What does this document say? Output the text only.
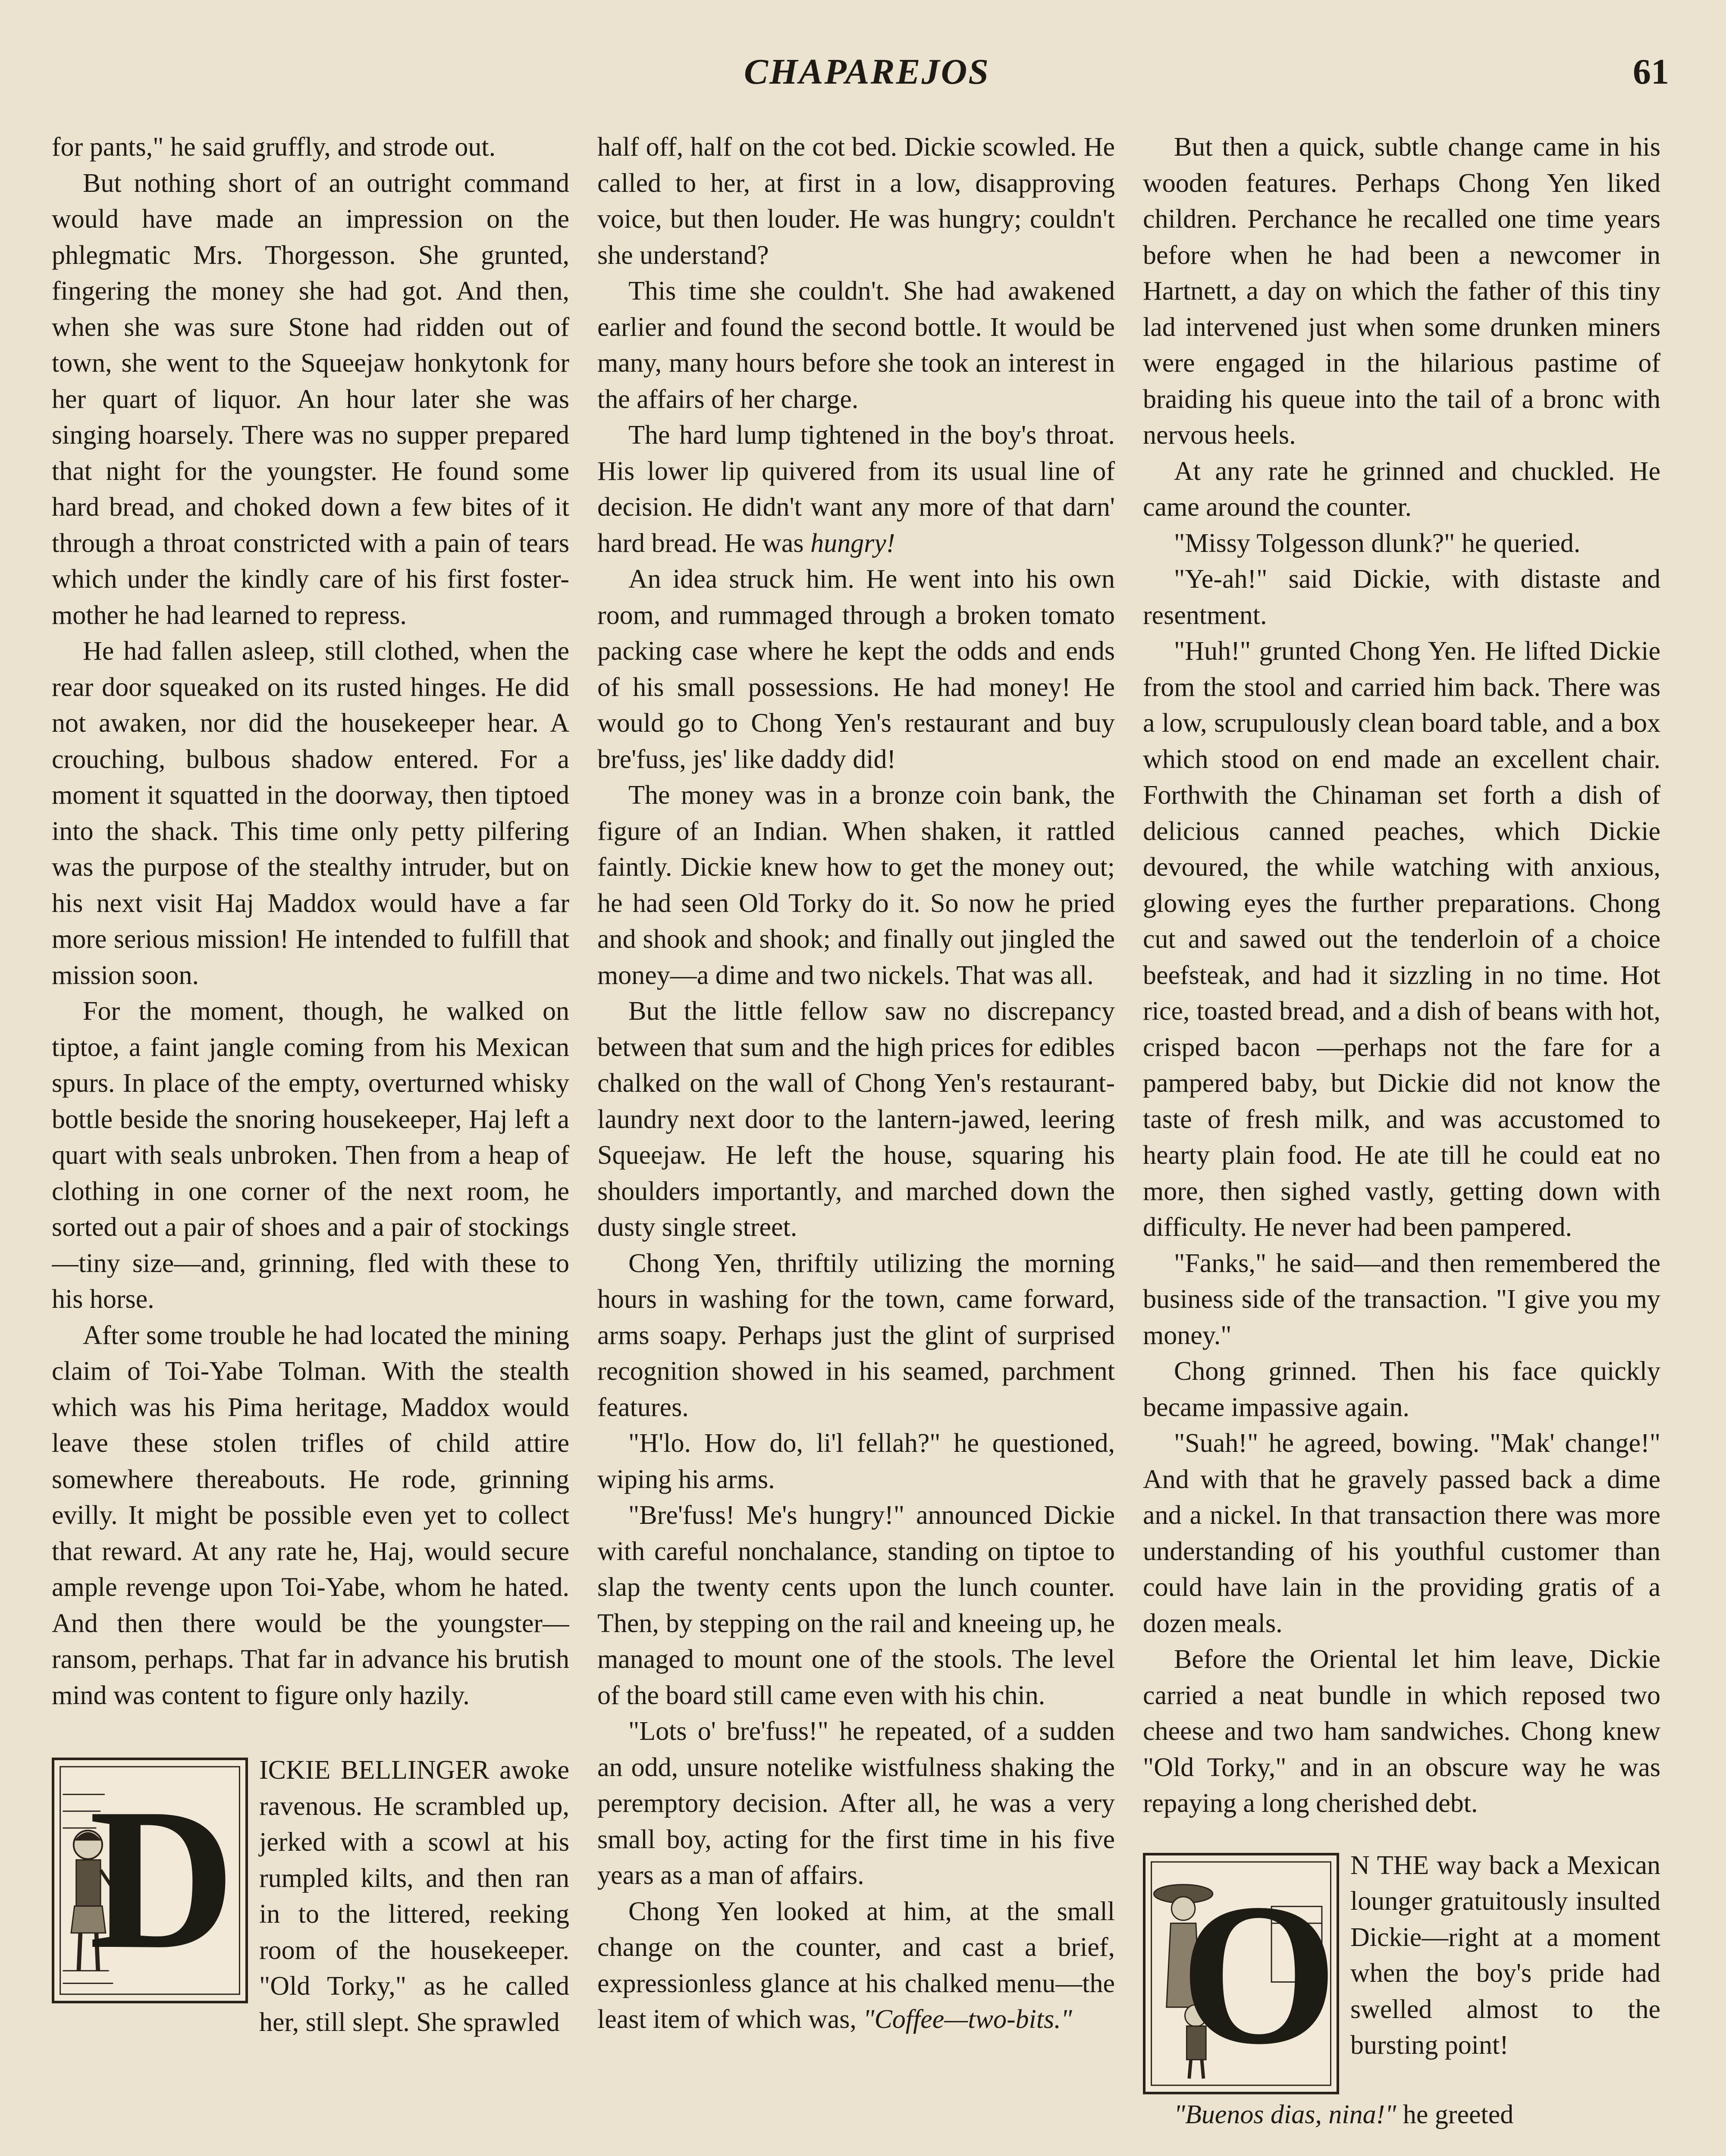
CHAPAREJOS	61

for pants," he said gruffly, and strode out.

But nothing short of an outright command would have made an impression on the phlegmatic Mrs. Thorgesson. She grunted, fingering the money she had got. And then, when she was sure Stone had ridden out of town, she went to the Squeejaw honkytonk for her quart of liquor. An hour later she was singing hoarsely. There was no supper prepared that night for the youngster. He found some hard bread, and choked down a few bites of it through a throat constricted with a pain of tears which under the kindly care of his first foster-mother he had learned to repress.

He had fallen asleep, still clothed, when the rear door squeaked on its rusted hinges. He did not awaken, nor did the housekeeper hear. A crouching, bulbous shadow entered. For a moment it squatted in the doorway, then tiptoed into the shack. This time only petty pilfering was the purpose of the stealthy intruder, but on his next visit Haj Maddox would have a far more serious mission! He intended to fulfill that mission soon.

For the moment, though, he walked on tiptoe, a faint jangle coming from his Mexican spurs. In place of the empty, overturned whisky bottle beside the snoring housekeeper, Haj left a quart with seals unbroken. Then from a heap of clothing in one corner of the next room, he sorted out a pair of shoes and a pair of stockings—tiny size—and, grinning, fled with these to his horse.

After some trouble he had located the mining claim of Toi-Yabe Tolman. With the stealth which was his Pima heritage, Maddox would leave these stolen trifles of child attire somewhere thereabouts. He rode, grinning evilly. It might be possible even yet to collect that reward. At any rate he, Haj, would secure ample revenge upon Toi-Yabe, whom he hated. And then there would be the youngster—ransom, perhaps. That far in advance his brutish mind was content to figure only hazily.

D ICKIE BELLINGER awoke ravenous. He scrambled up, jerked with a scowl at his rumpled kilts, and then ran in to the littered, reeking room of the housekeeper. "Old Torky," as he called her, still slept. She sprawled

half off, half on the cot bed. Dickie scowled. He called to her, at first in a low, disapproving voice, but then louder. He was hungry; couldn't she understand?

This time she couldn't. She had awakened earlier and found the second bottle. It would be many, many hours before she took an interest in the affairs of her charge.

The hard lump tightened in the boy's throat. His lower lip quivered from its usual line of decision. He didn't want any more of that darn' hard bread. He was hungry!

An idea struck him. He went into his own room, and rummaged through a broken tomato packing case where he kept the odds and ends of his small possessions. He had money! He would go to Chong Yen's restaurant and buy bre'fuss, jes' like daddy did!

The money was in a bronze coin bank, the figure of an Indian. When shaken, it rattled faintly. Dickie knew how to get the money out; he had seen Old Torky do it. So now he pried and shook and shook; and finally out jingled the money—a dime and two nickels. That was all.

But the little fellow saw no discrepancy between that sum and the high prices for edibles chalked on the wall of Chong Yen's restaurant-laundry next door to the lantern-jawed, leering Squeejaw. He left the house, squaring his shoulders importantly, and marched down the dusty single street.

Chong Yen, thriftily utilizing the morning hours in washing for the town, came forward, arms soapy. Perhaps just the glint of surprised recognition showed in his seamed, parchment features.

"H'lo. How do, li'l fellah?" he questioned, wiping his arms.

"Bre'fuss! Me's hungry!" announced Dickie with careful nonchalance, standing on tiptoe to slap the twenty cents upon the lunch counter. Then, by stepping on the rail and kneeing up, he managed to mount one of the stools. The level of the board still came even with his chin.

"Lots o' bre'fuss!" he repeated, of a sudden an odd, unsure notelike wistfulness shaking the peremptory decision. After all, he was a very small boy, acting for the first time in his five years as a man of affairs.

Chong Yen looked at him, at the small change on the counter, and cast a brief, expressionless glance at his chalked menu—the least item of which was, "Coffee—two-bits."

But then a quick, subtle change came in his wooden features. Perhaps Chong Yen liked children. Perchance he recalled one time years before when he had been a newcomer in Hartnett, a day on which the father of this tiny lad intervened just when some drunken miners were engaged in the hilarious pastime of braiding his queue into the tail of a bronc with nervous heels.

At any rate he grinned and chuckled. He came around the counter.

"Missy Tolgesson dlunk?" he queried.

"Ye-ah!" said Dickie, with distaste and resentment.

"Huh!" grunted Chong Yen. He lifted Dickie from the stool and carried him back. There was a low, scrupulously clean board table, and a box which stood on end made an excellent chair. Forthwith the Chinaman set forth a dish of delicious canned peaches, which Dickie devoured, the while watching with anxious, glowing eyes the further preparations. Chong cut and sawed out the tenderloin of a choice beefsteak, and had it sizzling in no time. Hot rice, toasted bread, and a dish of beans with hot, crisped bacon —perhaps not the fare for a pampered baby, but Dickie did not know the taste of fresh milk, and was accustomed to hearty plain food. He ate till he could eat no more, then sighed vastly, getting down with difficulty. He never had been pampered.

"Fanks," he said—and then remembered the business side of the transaction. "I give you my money."

Chong grinned. Then his face quickly became impassive again.

"Suah!" he agreed, bowing. "Mak' change!" And with that he gravely passed back a dime and a nickel. In that transaction there was more understanding of his youthful customer than could have lain in the providing gratis of a dozen meals.

Before the Oriental let him leave, Dickie carried a neat bundle in which reposed two cheese and two ham sandwiches. Chong knew "Old Torky," and in an obscure way he was repaying a long cherished debt.

O N THE way back a Mexican lounger gratuitously insulted Dickie—right at a moment when the boy's pride had swelled almost to the bursting point!

"Buenos dias, nina!" he greeted
